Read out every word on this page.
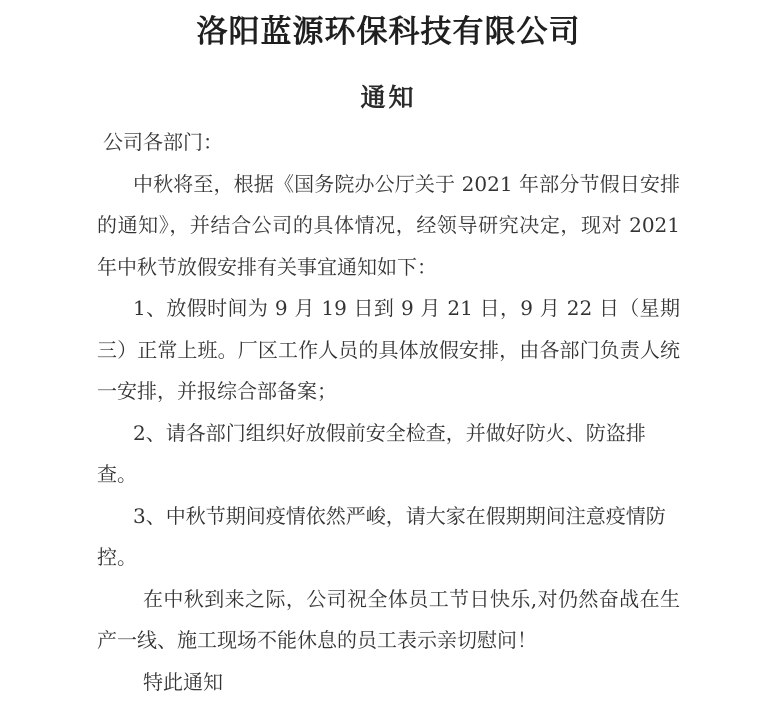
洛阳蓝源环保科技有限公司
通知

公司各部门：

中秋将至，根据《国务院办公厅关于 2021 年部分节假日安排的通知》，并结合公司的具体情况，经领导研究决定，现对 2021 年中秋节放假安排有关事宜通知如下：

1、放假时间为 9 月 19 日到 9 月 21 日，9 月 22 日（星期三）正常上班。厂区工作人员的具体放假安排，由各部门负责人统一安排，并报综合部备案；

2、请各部门组织好放假前安全检查，并做好防火、防盗排查。

3、中秋节期间疫情依然严峻，请大家在假期期间注意疫情防控。

在中秋到来之际，公司祝全体员工节日快乐,对仍然奋战在生产一线、施工现场不能休息的员工表示亲切慰问！

特此通知
